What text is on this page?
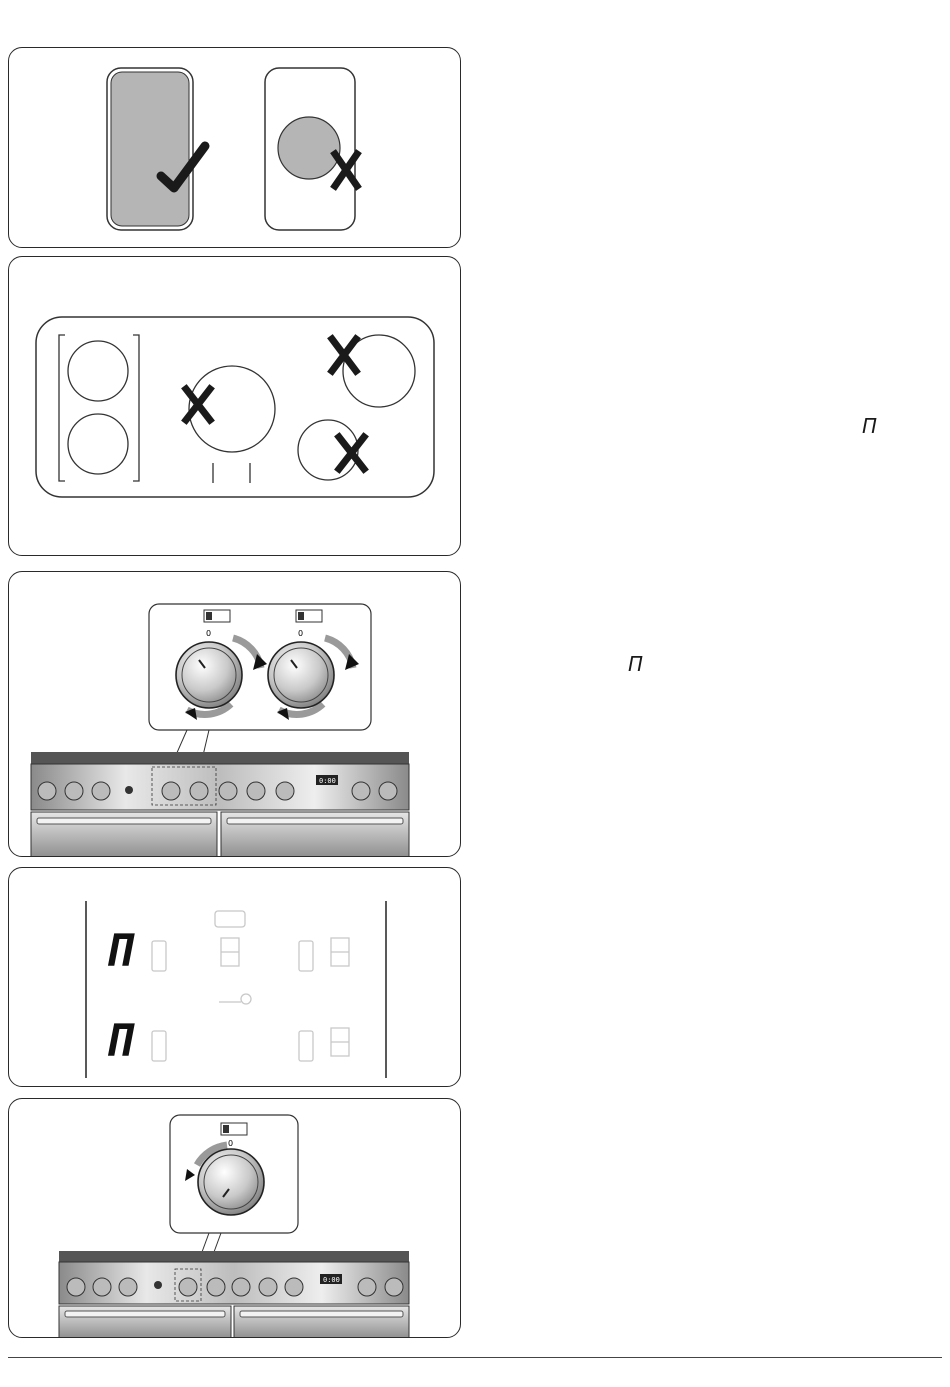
0	0
0:00
Π
Π
0
0:00
Π
Π
